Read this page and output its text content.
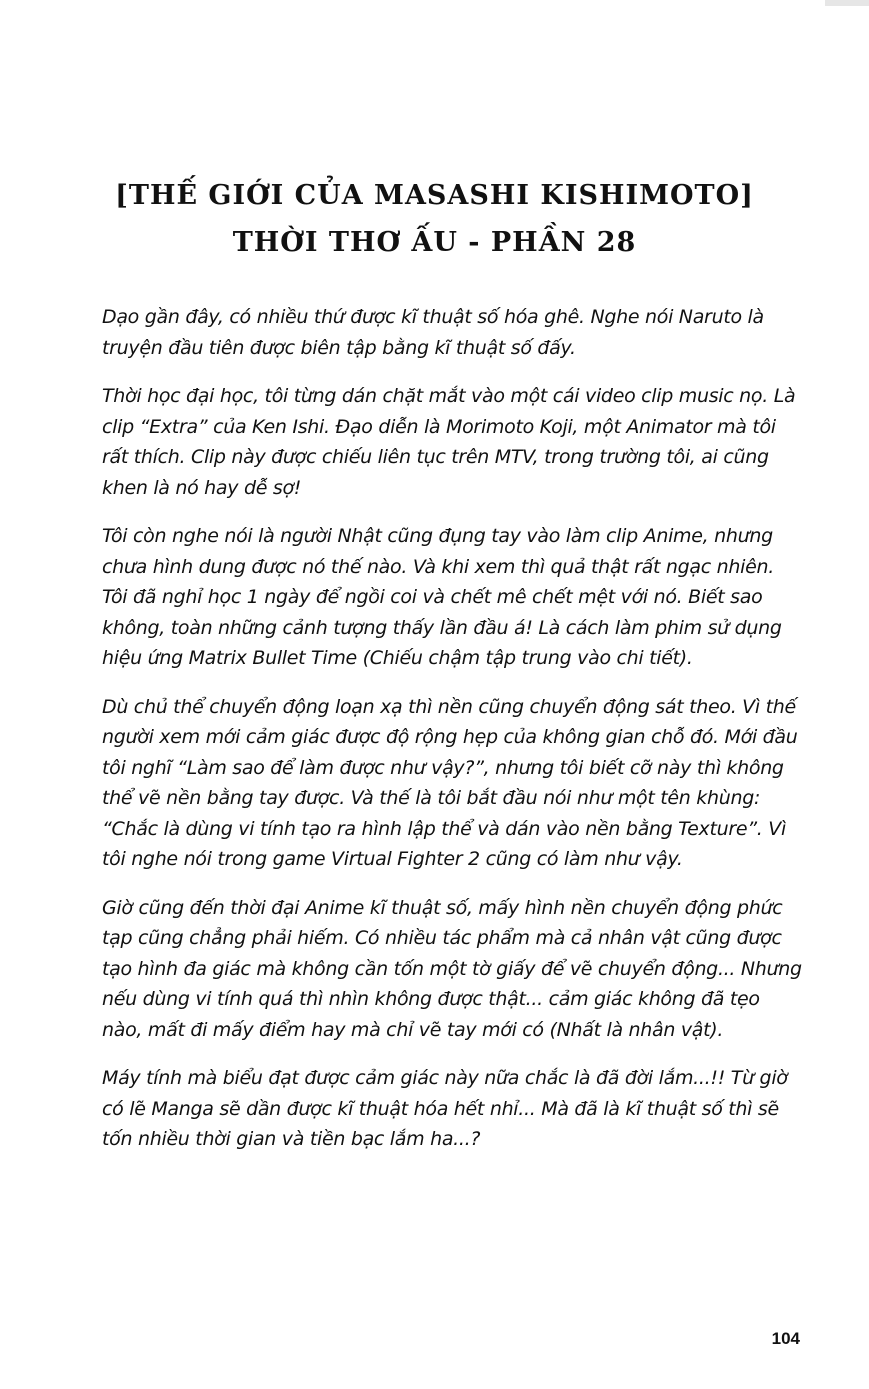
[THẾ GIỚI CỦA MASASHI KISHIMOTO]
THỜI THƠ ẤU - PHẦN 28

Dạo gần đây, có nhiều thứ được kĩ thuật số hóa ghê. Nghe nói Naruto là truyện đầu tiên được biên tập bằng kĩ thuật số đấy.

Thời học đại học, tôi từng dán chặt mắt vào một cái video clip music nọ. Là clip “Extra” của Ken Ishi. Đạo diễn là Morimoto Koji, một Animator mà tôi rất thích. Clip này được chiếu liên tục trên MTV, trong trường tôi, ai cũng khen là nó hay dễ sợ!

Tôi còn nghe nói là người Nhật cũng đụng tay vào làm clip Anime, nhưng chưa hình dung được nó thế nào. Và khi xem thì quả thật rất ngạc nhiên. Tôi đã nghỉ học 1 ngày để ngồi coi và chết mê chết mệt với nó. Biết sao không, toàn những cảnh tượng thấy lần đầu á! Là cách làm phim sử dụng hiệu ứng Matrix Bullet Time (Chiếu chậm tập trung vào chi tiết).

Dù chủ thể chuyển động loạn xạ thì nền cũng chuyển động sát theo. Vì thế người xem mới cảm giác được độ rộng hẹp của không gian chỗ đó. Mới đầu tôi nghĩ “Làm sao để làm được như vậy?”, nhưng tôi biết cỡ này thì không thể vẽ nền bằng tay được. Và thế là tôi bắt đầu nói như một tên khùng: “Chắc là dùng vi tính tạo ra hình lập thể và dán vào nền bằng Texture”. Vì tôi nghe nói trong game Virtual Fighter 2 cũng có làm như vậy.

Giờ cũng đến thời đại Anime kĩ thuật số, mấy hình nền chuyển động phức tạp cũng chẳng phải hiếm. Có nhiều tác phẩm mà cả nhân vật cũng được tạo hình đa giác mà không cần tốn một tờ giấy để vẽ chuyển động... Nhưng nếu dùng vi tính quá thì nhìn không được thật... cảm giác không đã tẹo nào, mất đi mấy điểm hay mà chỉ vẽ tay mới có (Nhất là nhân vật).

Máy tính mà biểu đạt được cảm giác này nữa chắc là đã đời lắm...!! Từ giờ có lẽ Manga sẽ dần được kĩ thuật hóa hết nhỉ... Mà đã là kĩ thuật số thì sẽ tốn nhiều thời gian và tiền bạc lắm ha...?

104
